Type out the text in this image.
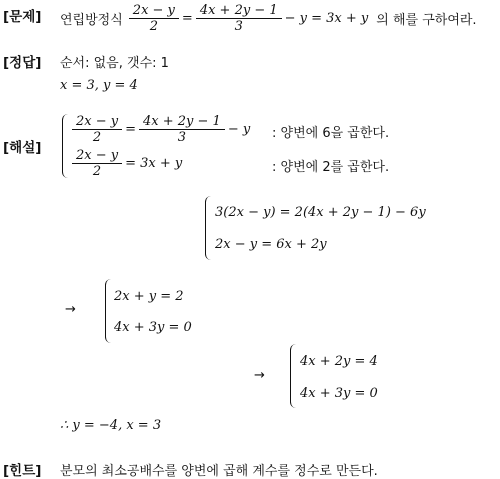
[문제] 연립방정식 $\frac{2x - y}{2} = \frac{4x + 2y - 1}{3} - y = 3x + y$ 의 해를 구하여라.
[정답] 순서: 없음, 갯수: 1
x = 3, y = 4
[해설]
$\frac{2x - y}{2} = \frac{4x + 2y - 1}{3} - y$ : 양변에 6을 곱한다.
$\frac{2x - y}{2} = 3x + y$	: 양변에 2를 곱한다.
3(2x − y) = 2(4x + 2y − 1) − 6y
2x − y = 6x + 2y
→
2x + y = 2
4x + 3y = 0
→
4x + 2y = 4
4x + 3y = 0
∴ y = −4, x = 3
[힌트] 분모의 최소공배수를 양변에 곱해 계수를 정수로 만든다.
